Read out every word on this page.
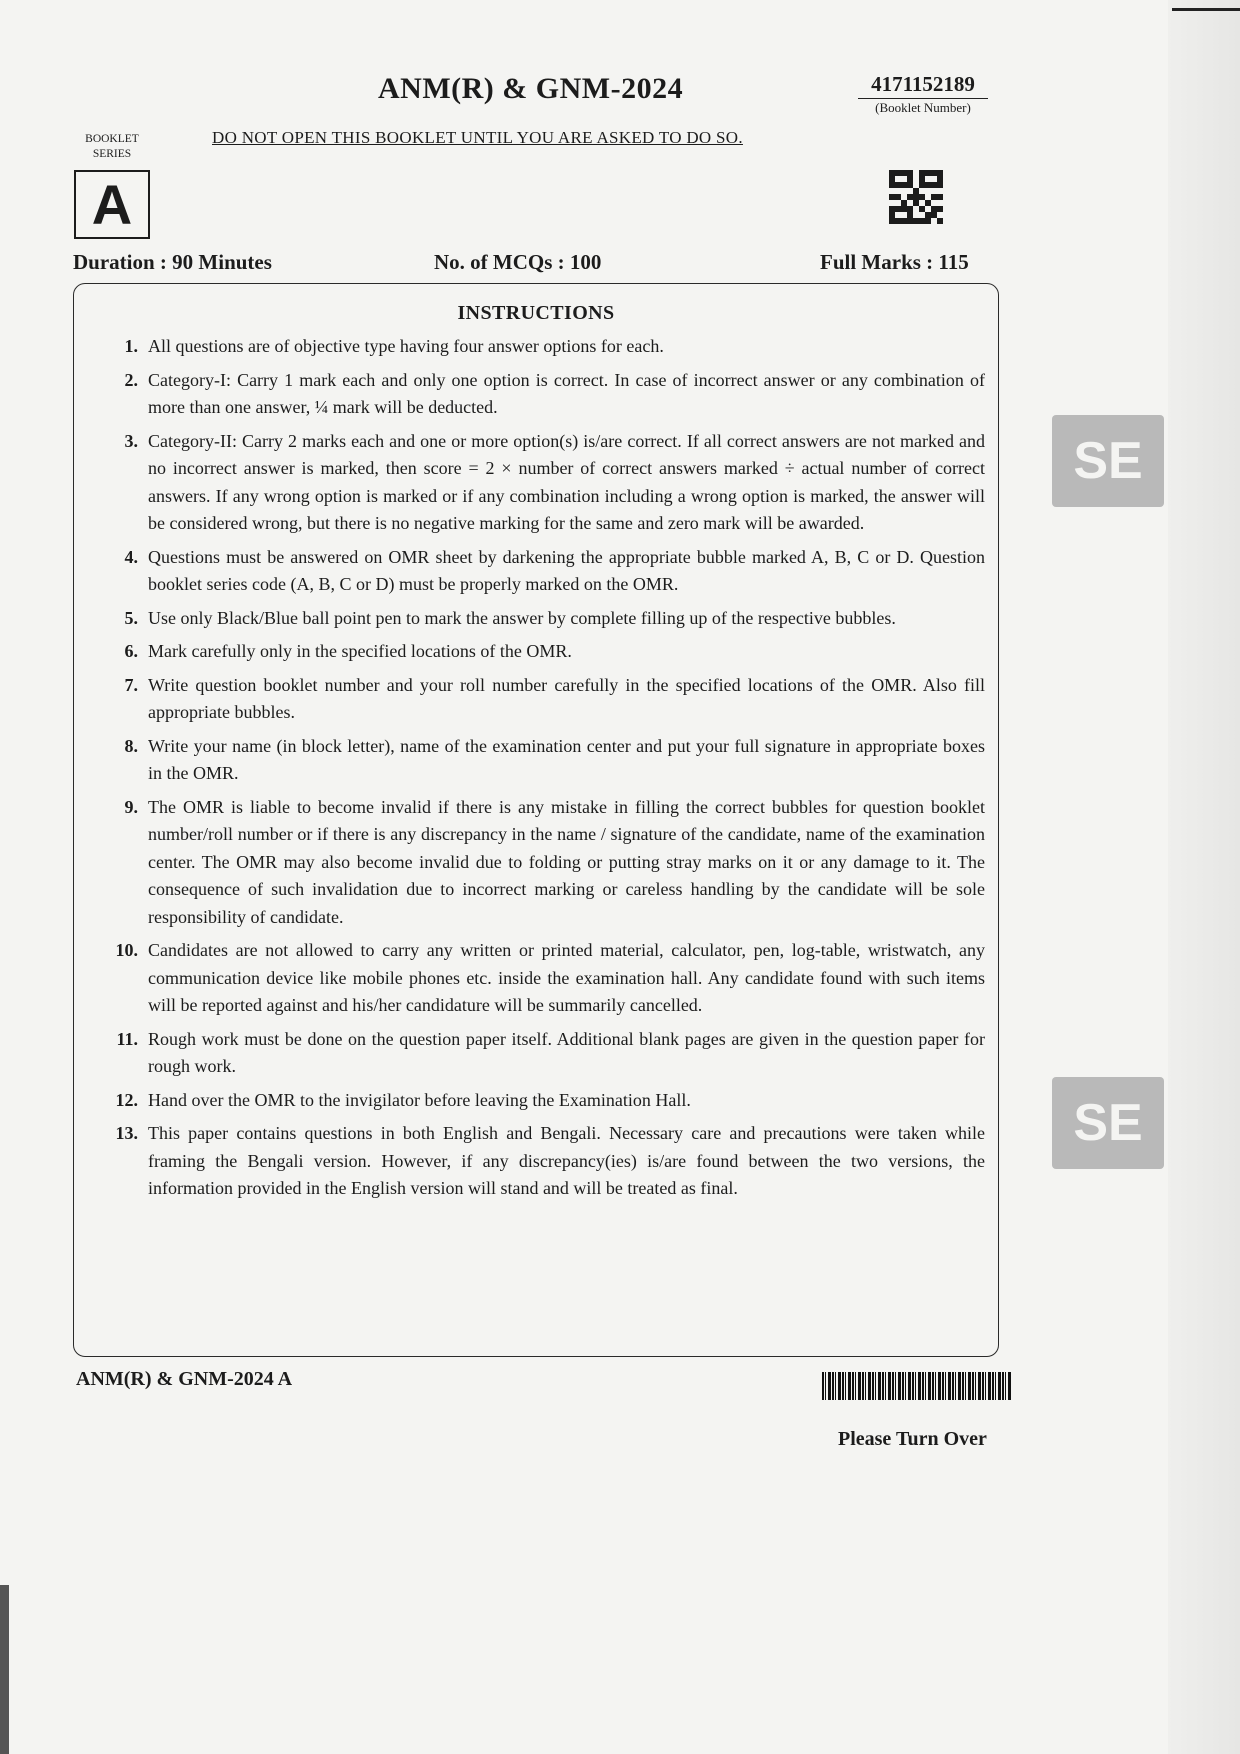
ANM(R) & GNM-2024	4171152189
(Booklet Number)
BOOKLET
SERIES
A
DO NOT OPEN THIS BOOKLET UNTIL YOU ARE ASKED TO DO SO.
Duration : 90 Minutes	No. of MCQs : 100	Full Marks : 115
INSTRUCTIONS
1. All questions are of objective type having four answer options for each.
2. Category-I: Carry 1 mark each and only one option is correct. In case of incorrect answer or any combination of more than one answer, ¼ mark will be deducted.
3. Category-II: Carry 2 marks each and one or more option(s) is/are correct. If all correct answers are not marked and no incorrect answer is marked, then score = 2 × number of correct answers marked ÷ actual number of correct answers. If any wrong option is marked or if any combination including a wrong option is marked, the answer will be considered wrong, but there is no negative marking for the same and zero mark will be awarded.
4. Questions must be answered on OMR sheet by darkening the appropriate bubble marked A, B, C or D. Question booklet series code (A, B, C or D) must be properly marked on the OMR.
5. Use only Black/Blue ball point pen to mark the answer by complete filling up of the respective bubbles.
6. Mark carefully only in the specified locations of the OMR.
7. Write question booklet number and your roll number carefully in the specified locations of the OMR. Also fill appropriate bubbles.
8. Write your name (in block letter), name of the examination center and put your full signature in appropriate boxes in the OMR.
9. The OMR is liable to become invalid if there is any mistake in filling the correct bubbles for question booklet number/roll number or if there is any discrepancy in the name / signature of the candidate, name of the examination center. The OMR may also become invalid due to folding or putting stray marks on it or any damage to it. The consequence of such invalidation due to incorrect marking or careless handling by the candidate will be sole responsibility of candidate.
10. Candidates are not allowed to carry any written or printed material, calculator, pen, log-table, wristwatch, any communication device like mobile phones etc. inside the examination hall. Any candidate found with such items will be reported against and his/her candidature will be summarily cancelled.
11. Rough work must be done on the question paper itself. Additional blank pages are given in the question paper for rough work.
12. Hand over the OMR to the invigilator before leaving the Examination Hall.
13. This paper contains questions in both English and Bengali. Necessary care and precautions were taken while framing the Bengali version. However, if any discrepancy(ies) is/are found between the two versions, the information provided in the English version will stand and will be treated as final.
ANM(R) & GNM-2024 A
Please Turn Over
SE
SE
